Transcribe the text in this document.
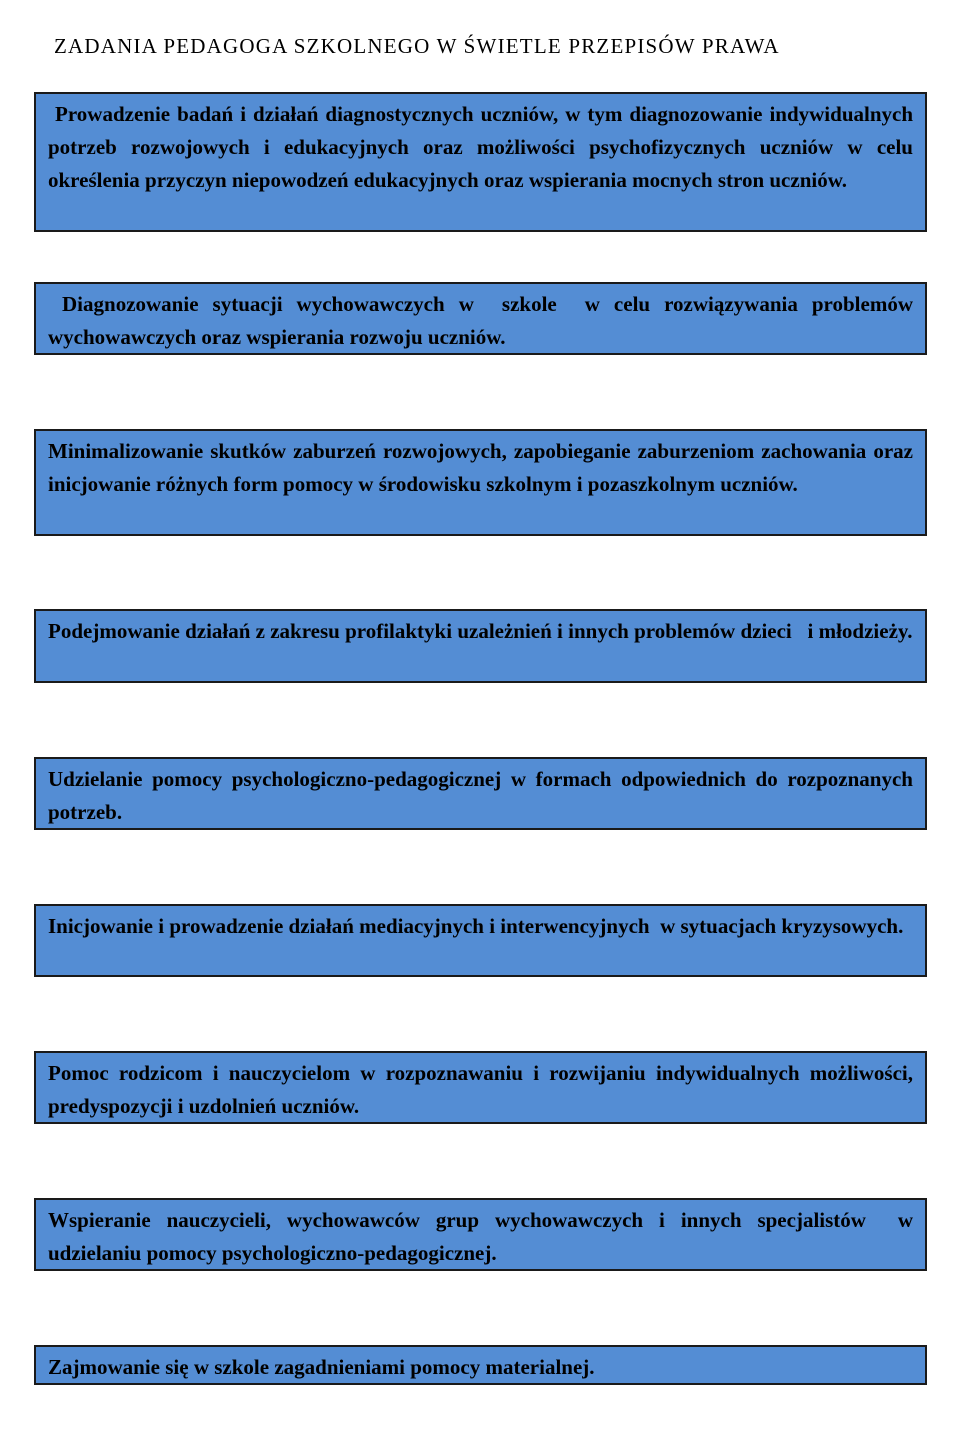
ZADANIA PEDAGOGA SZKOLNEGO W ŚWIETLE PRZEPISÓW PRAWA

Prowadzenie badań i działań diagnostycznych uczniów, w tym diagnozowanie indywidualnych potrzeb rozwojowych i edukacyjnych oraz możliwości psychofizycznych uczniów w celu określenia przyczyn niepowodzeń edukacyjnych oraz wspierania mocnych stron uczniów.

Diagnozowanie sytuacji wychowawczych w  szkole  w celu rozwiązywania problemów wychowawczych oraz wspierania rozwoju uczniów.

Minimalizowanie skutków zaburzeń rozwojowych, zapobieganie zaburzeniom zachowania oraz inicjowanie różnych form pomocy w środowisku szkolnym i pozaszkolnym uczniów.

Podejmowanie działań z zakresu profilaktyki uzależnień i innych problemów dzieci   i młodzieży.

Udzielanie pomocy psychologiczno-pedagogicznej w formach odpowiednich do rozpoznanych potrzeb.

Inicjowanie i prowadzenie działań mediacyjnych i interwencyjnych  w sytuacjach kryzysowych.

Pomoc rodzicom i nauczycielom w rozpoznawaniu i rozwijaniu indywidualnych możliwości, predyspozycji i uzdolnień uczniów.

Wspieranie nauczycieli, wychowawców grup wychowawczych i innych specjalistów  w udzielaniu pomocy psychologiczno-pedagogicznej.

Zajmowanie się w szkole zagadnieniami pomocy materialnej.
